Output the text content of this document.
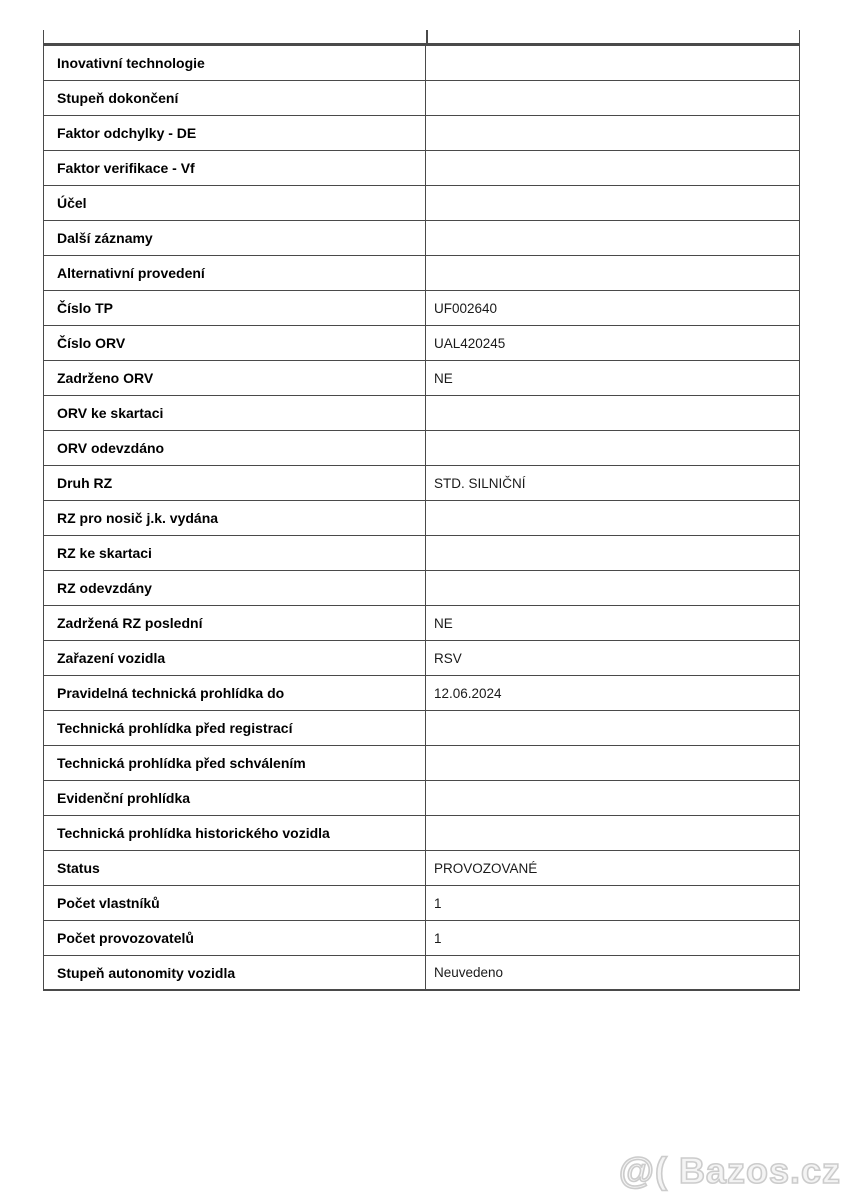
Inovativní technologie
Stupeň dokončení
Faktor odchylky - DE
Faktor verifikace - Vf
Účel
Další záznamy
Alternativní provedení
Číslo TP	UF002640
Číslo ORV	UAL420245
Zadrženo ORV	NE
ORV ke skartaci
ORV odevzdáno
Druh RZ	STD. SILNIČNÍ
RZ pro nosič j.k. vydána
RZ ke skartaci
RZ odevzdány
Zadržená RZ poslední	NE
Zařazení vozidla	RSV
Pravidelná technická prohlídka do	12.06.2024
Technická prohlídka před registrací
Technická prohlídka před schválením
Evidenční prohlídka
Technická prohlídka historického vozidla
Status	PROVOZOVANÉ
Počet vlastníků	1
Počet provozovatelů	1
Stupeň autonomity vozidla	Neuvedeno
@( Bazos.cz
